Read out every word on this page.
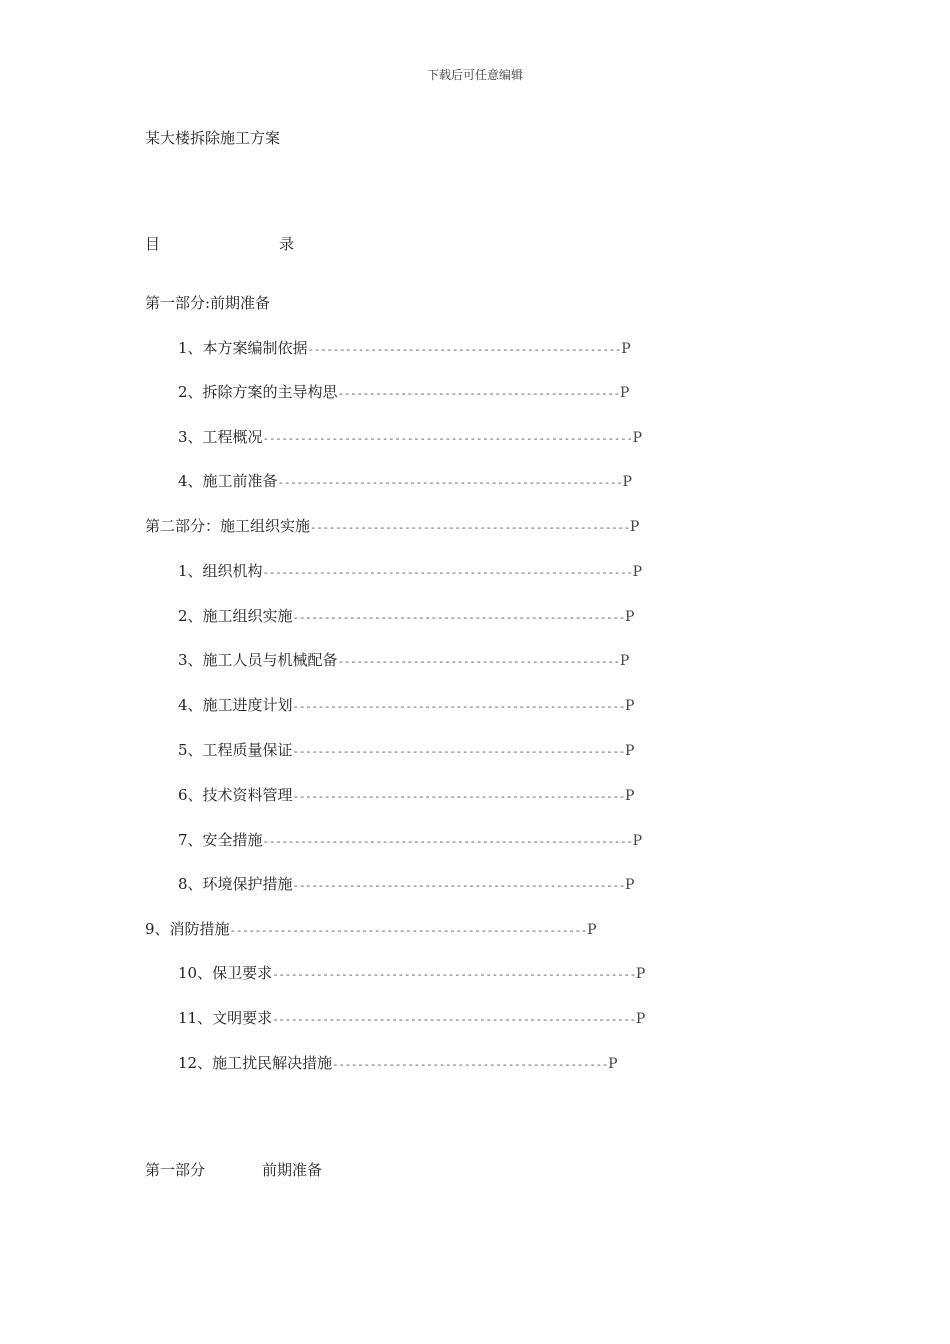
下载后可任意编辑
某大楼拆除施工方案
目	录
第一部分:前期准备
1、本方案编制依据--------------------------------------------------P
2、拆除方案的主导构思---------------------------------------------P
3、工程概况-----------------------------------------------------------P
4、施工前准备-------------------------------------------------------P
第二部分：施工组织实施---------------------------------------------------P
1、组织机构-----------------------------------------------------------P
2、施工组织实施-----------------------------------------------------P
3、施工人员与机械配备---------------------------------------------P
4、施工进度计划-----------------------------------------------------P
5、工程质量保证-----------------------------------------------------P
6、技术资料管理-----------------------------------------------------P
7、安全措施-----------------------------------------------------------P
8、环境保护措施-----------------------------------------------------P
9、消防措施---------------------------------------------------------P
10、保卫要求----------------------------------------------------------P
11、文明要求----------------------------------------------------------P
12、施工扰民解决措施--------------------------------------------P
第一部分	前期准备
